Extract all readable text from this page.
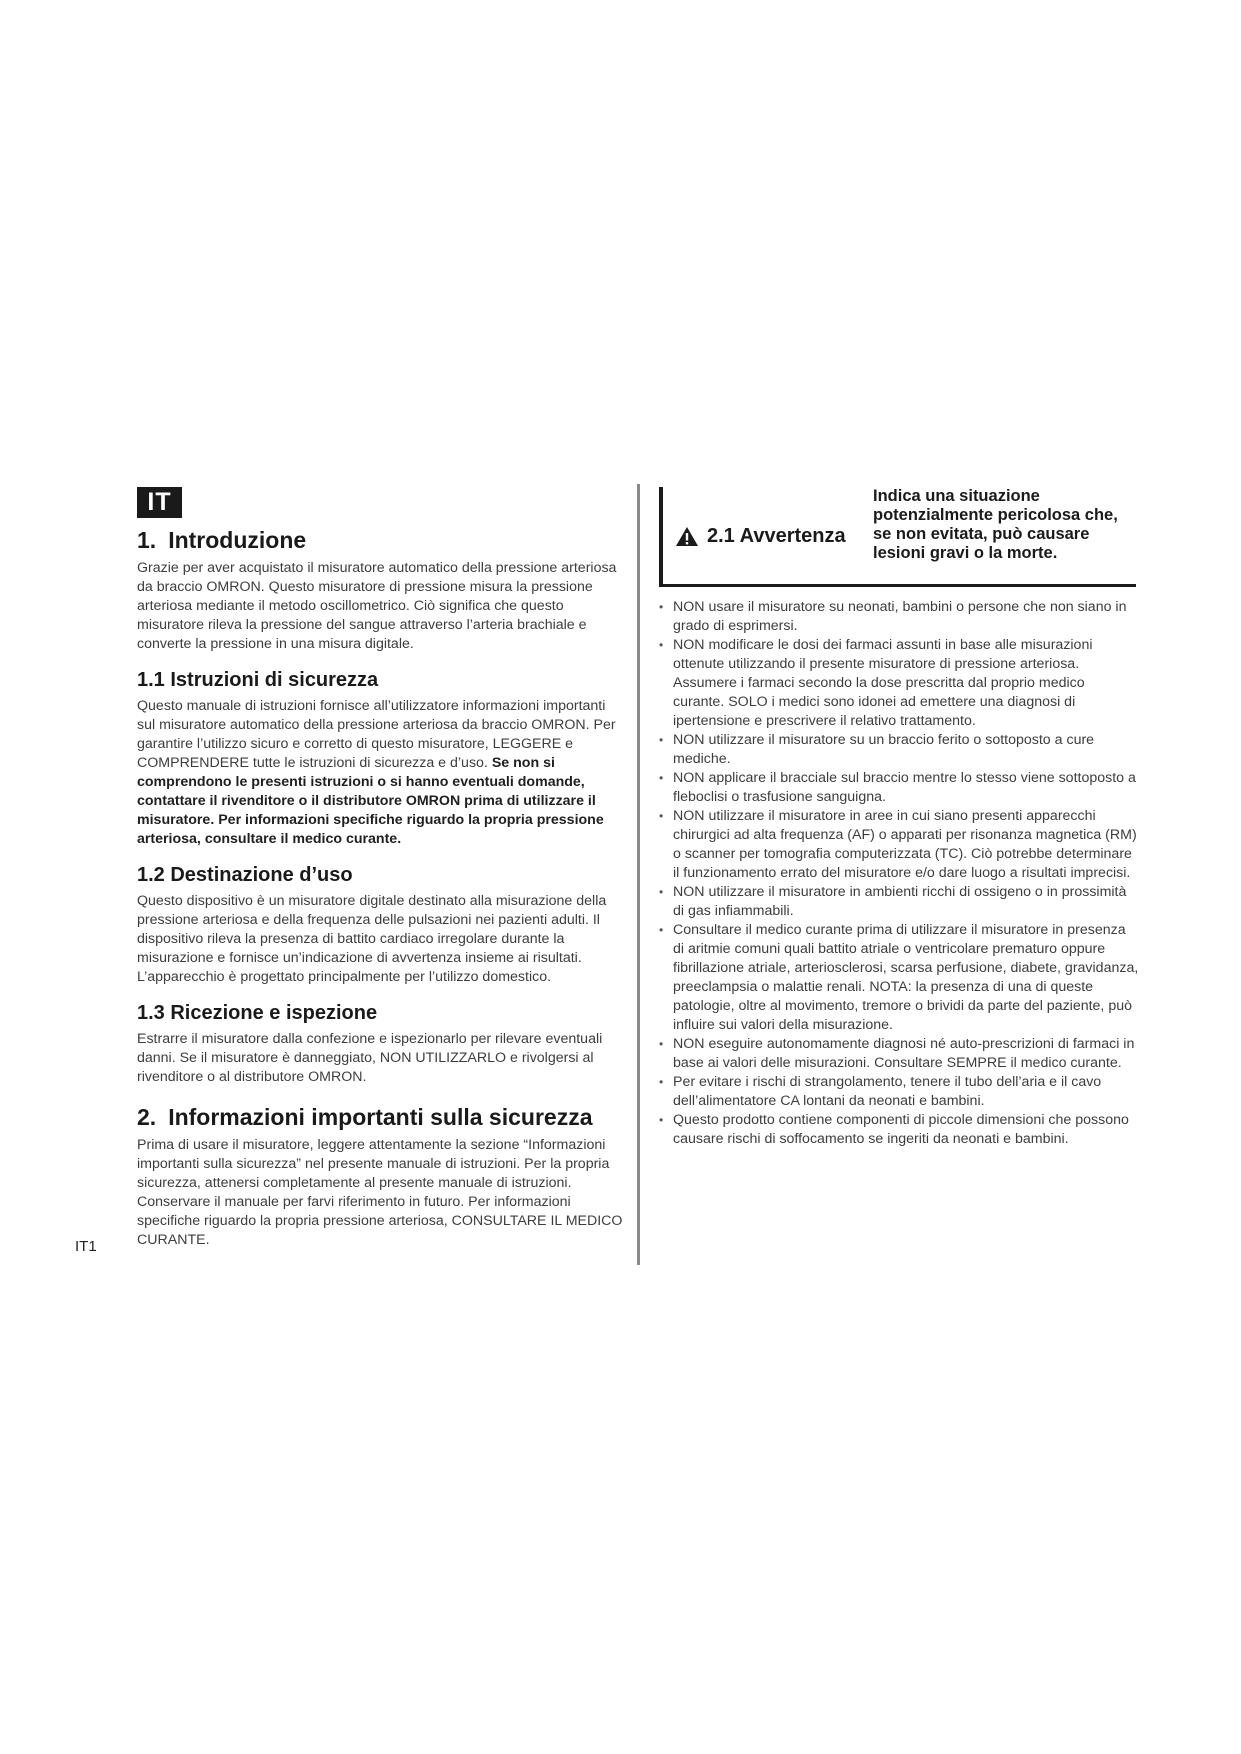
IT
1. Introduzione

Grazie per aver acquistato il misuratore automatico della pressione arteriosa da braccio OMRON. Questo misuratore di pressione misura la pressione arteriosa mediante il metodo oscillometrico. Ciò significa che questo misuratore rileva la pressione del sangue attraverso l’arteria brachiale e converte la pressione in una misura digitale.

1.1 Istruzioni di sicurezza

Questo manuale di istruzioni fornisce all’utilizzatore informazioni importanti sul misuratore automatico della pressione arteriosa da braccio OMRON. Per garantire l’utilizzo sicuro e corretto di questo misuratore, LEGGERE e COMPRENDERE tutte le istruzioni di sicurezza e d’uso. Se non si comprendono le presenti istruzioni o si hanno eventuali domande, contattare il rivenditore o il distributore OMRON prima di utilizzare il misuratore. Per informazioni specifiche riguardo la propria pressione arteriosa, consultare il medico curante.

1.2 Destinazione d’uso

Questo dispositivo è un misuratore digitale destinato alla misurazione della pressione arteriosa e della frequenza delle pulsazioni nei pazienti adulti. Il dispositivo rileva la presenza di battito cardiaco irregolare durante la misurazione e fornisce un’indicazione di avvertenza insieme ai risultati. L’apparecchio è progettato principalmente per l’utilizzo domestico.

1.3 Ricezione e ispezione

Estrarre il misuratore dalla confezione e ispezionarlo per rilevare eventuali danni. Se il misuratore è danneggiato, NON UTILIZZARLO e rivolgersi al rivenditore o al distributore OMRON.

2. Informazioni importanti sulla sicurezza

Prima di usare il misuratore, leggere attentamente la sezione “Informazioni importanti sulla sicurezza” nel presente manuale di istruzioni. Per la propria sicurezza, attenersi completamente al presente manuale di istruzioni.

Conservare il manuale per farvi riferimento in futuro. Per informazioni specifiche riguardo la propria pressione arteriosa, CONSULTARE IL MEDICO CURANTE.

IT1
2.1 Avvertenza

Indica una situazione potenzialmente pericolosa che, se non evitata, può causare lesioni gravi o la morte.

• NON usare il misuratore su neonati, bambini o persone che non siano in grado di esprimersi.
• NON modificare le dosi dei farmaci assunti in base alle misurazioni ottenute utilizzando il presente misuratore di pressione arteriosa. Assumere i farmaci secondo la dose prescritta dal proprio medico curante. SOLO i medici sono idonei ad emettere una diagnosi di ipertensione e prescrivere il relativo trattamento.
• NON utilizzare il misuratore su un braccio ferito o sottoposto a cure mediche.
• NON applicare il bracciale sul braccio mentre lo stesso viene sottoposto a fleboclisi o trasfusione sanguigna.
• NON utilizzare il misuratore in aree in cui siano presenti apparecchi chirurgici ad alta frequenza (AF) o apparati per risonanza magnetica (RM) o scanner per tomografia computerizzata (TC). Ciò potrebbe determinare il funzionamento errato del misuratore e/o dare luogo a risultati imprecisi.
• NON utilizzare il misuratore in ambienti ricchi di ossigeno o in prossimità di gas infiammabili.
• Consultare il medico curante prima di utilizzare il misuratore in presenza di aritmie comuni quali battito atriale o ventricolare prematuro oppure fibrillazione atriale, arteriosclerosi, scarsa perfusione, diabete, gravidanza, preeclampsia o malattie renali. NOTA: la presenza di una di queste patologie, oltre al movimento, tremore o brividi da parte del paziente, può influire sui valori della misurazione.
• NON eseguire autonomamente diagnosi né auto-prescrizioni di farmaci in base ai valori delle misurazioni. Consultare SEMPRE il medico curante.
• Per evitare i rischi di strangolamento, tenere il tubo dell’aria e il cavo dell’alimentatore CA lontani da neonati e bambini.
• Questo prodotto contiene componenti di piccole dimensioni che possono causare rischi di soffocamento se ingeriti da neonati e bambini.
